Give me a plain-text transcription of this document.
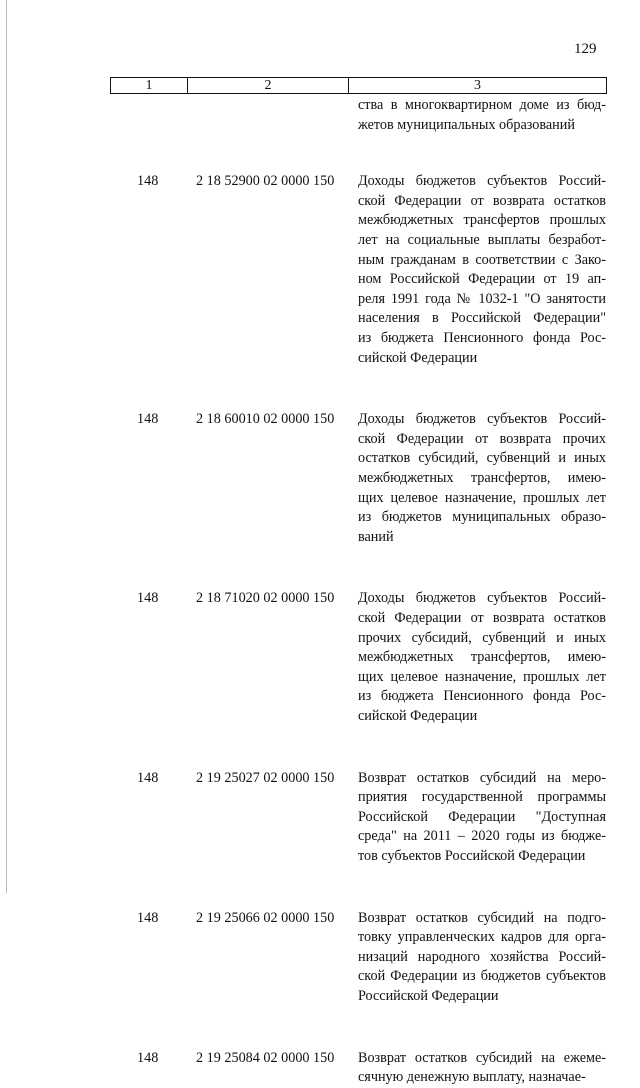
129
1	2	3
ства в многоквартирном доме из бюд-
жетов муниципальных образований
148	2 18 52900 02 0000 150 Доходы бюджетов субъектов Россий-
ской Федерации от возврата остатков
межбюджетных трансфертов прошлых
лет на социальные выплаты безработ-
ным гражданам в соответствии с Зако-
ном Российской Федерации от 19 ап-
реля 1991 года № 1032-1 "О занятости
населения в Российской Федерации"
из бюджета Пенсионного фонда Рос-
сийской Федерации
148	2 18 60010 02 0000 150 Доходы бюджетов субъектов Россий-
ской Федерации от возврата прочих
остатков субсидий, субвенций и иных
межбюджетных трансфертов, имею-
щих целевое назначение, прошлых лет
из бюджетов муниципальных образо-
ваний
148	2 18 71020 02 0000 150 Доходы бюджетов субъектов Россий-
ской Федерации от возврата остатков
прочих субсидий, субвенций и иных
межбюджетных трансфертов, имею-
щих целевое назначение, прошлых лет
из бюджета Пенсионного фонда Рос-
сийской Федерации
148	2 19 25027 02 0000 150 Возврат остатков субсидий на меро-
приятия государственной программы
Российской Федерации "Доступная
среда" на 2011 – 2020 годы из бюдже-
тов субъектов Российской Федерации
148	2 19 25066 02 0000 150 Возврат остатков субсидий на подго-
товку управленческих кадров для орга-
низаций народного хозяйства Россий-
ской Федерации из бюджетов субъектов
Российской Федерации
148	2 19 25084 02 0000 150 Возврат остатков субсидий на ежеме-
сячную денежную выплату, назначае-
